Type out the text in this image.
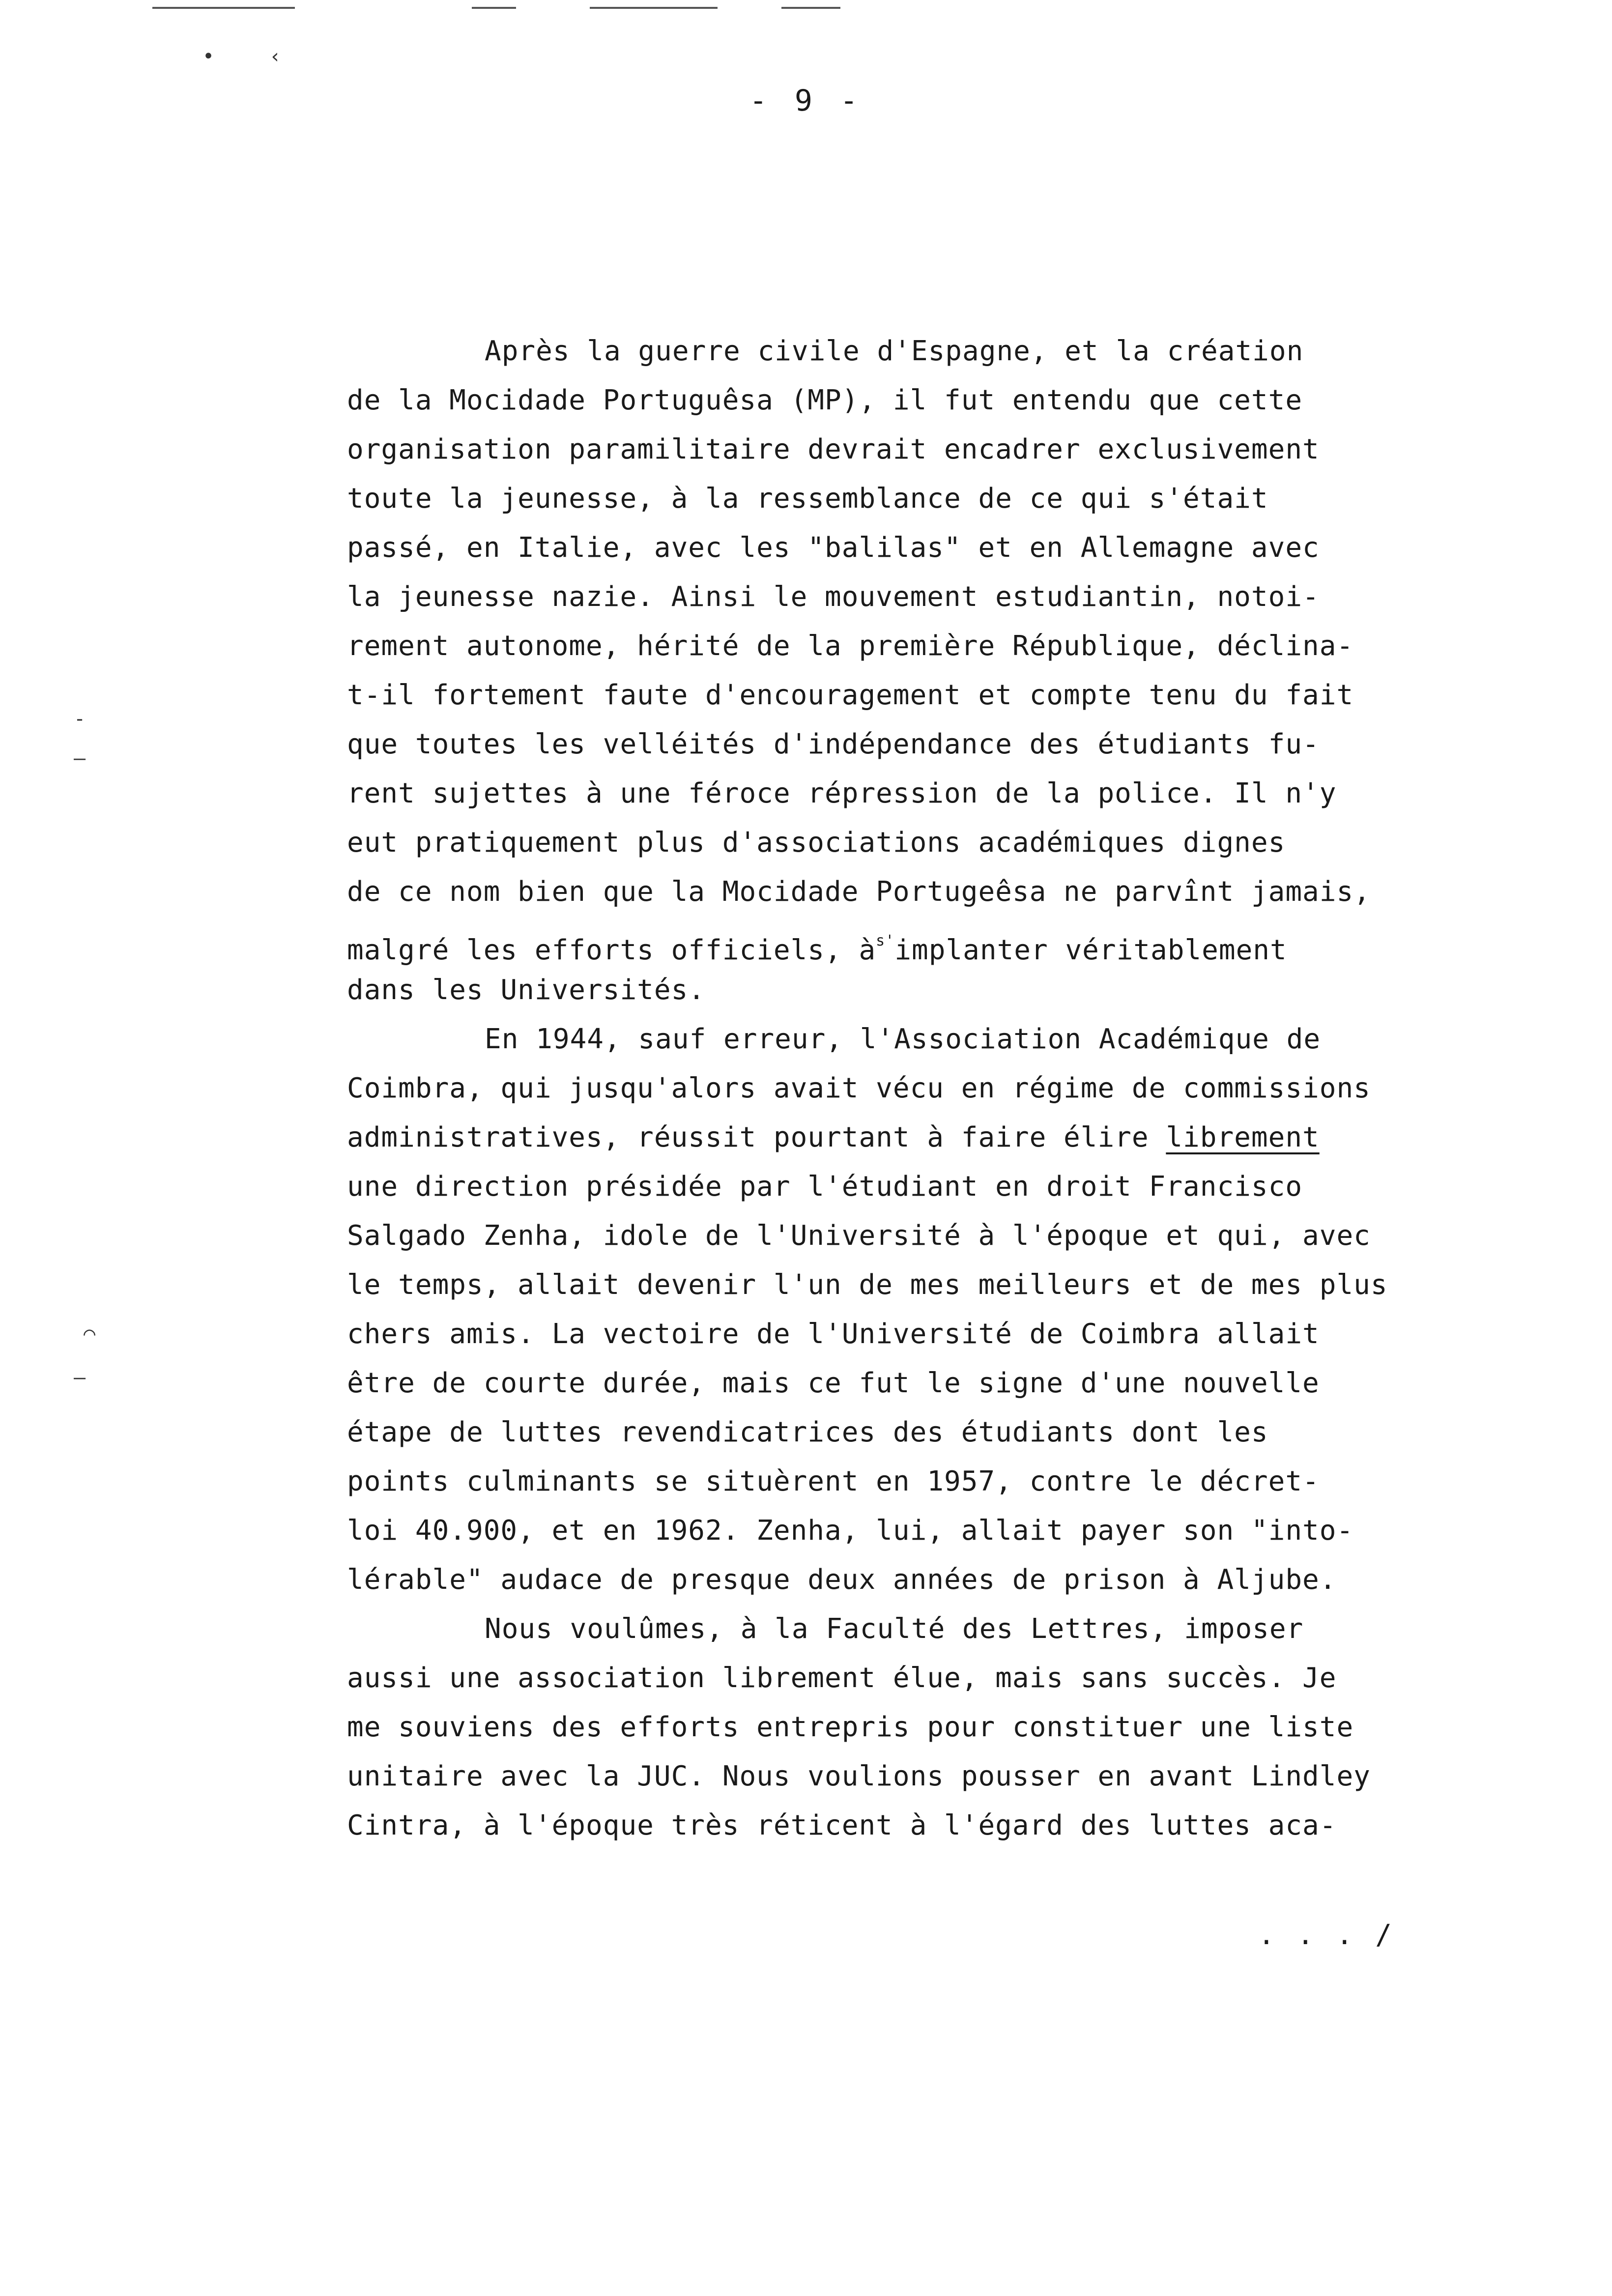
•	‹
‐
—
⌒
—
- 9 -
Après la guerre civile d'Espagne, et la création
de la Mocidade Portuguêsa (MP), il fut entendu que cette
organisation paramilitaire devrait encadrer exclusivement
toute la jeunesse, à la ressemblance de ce qui s'était
passé, en Italie, avec les "balilas" et en Allemagne avec
la jeunesse nazie. Ainsi le mouvement estudiantin, notoi-
rement autonome, hérité de la première République, déclina-
t-il fortement faute d'encouragement et compte tenu du fait
que toutes les velléités d'indépendance des étudiants fu-
rent sujettes à une féroce répression de la police. Il n'y
eut pratiquement plus d'associations académiques dignes
de ce nom bien que la Mocidade Portugeêsa ne parvînt jamais,
malgré les efforts officiels, $à^{s'}implanter$ véritablement
dans les Universités.
En 1944, sauf erreur, l'Association Académique de
Coimbra, qui jusqu'alors avait vécu en régime de commissions
administratives, réussit pourtant à faire élire librement
une direction présidée par l'étudiant en droit Francisco
Salgado Zenha, idole de l'Université à l'époque et qui, avec
le temps, allait devenir l'un de mes meilleurs et de mes plus
chers amis. La vectoire de l'Université de Coimbra allait
être de courte durée, mais ce fut le signe d'une nouvelle
étape de luttes revendicatrices des étudiants dont les
points culminants se situèrent en 1957, contre le décret-
loi 40.900, et en 1962. Zenha, lui, allait payer son "into-
lérable" audace de presque deux années de prison à Aljube.
Nous voulûmes, à la Faculté des Lettres, imposer
aussi une association librement élue, mais sans succès. Je
me souviens des efforts entrepris pour constituer une liste
unitaire avec la JUC. Nous voulions pousser en avant Lindley
Cintra, à l'époque très réticent à l'égard des luttes aca-
. . . /
